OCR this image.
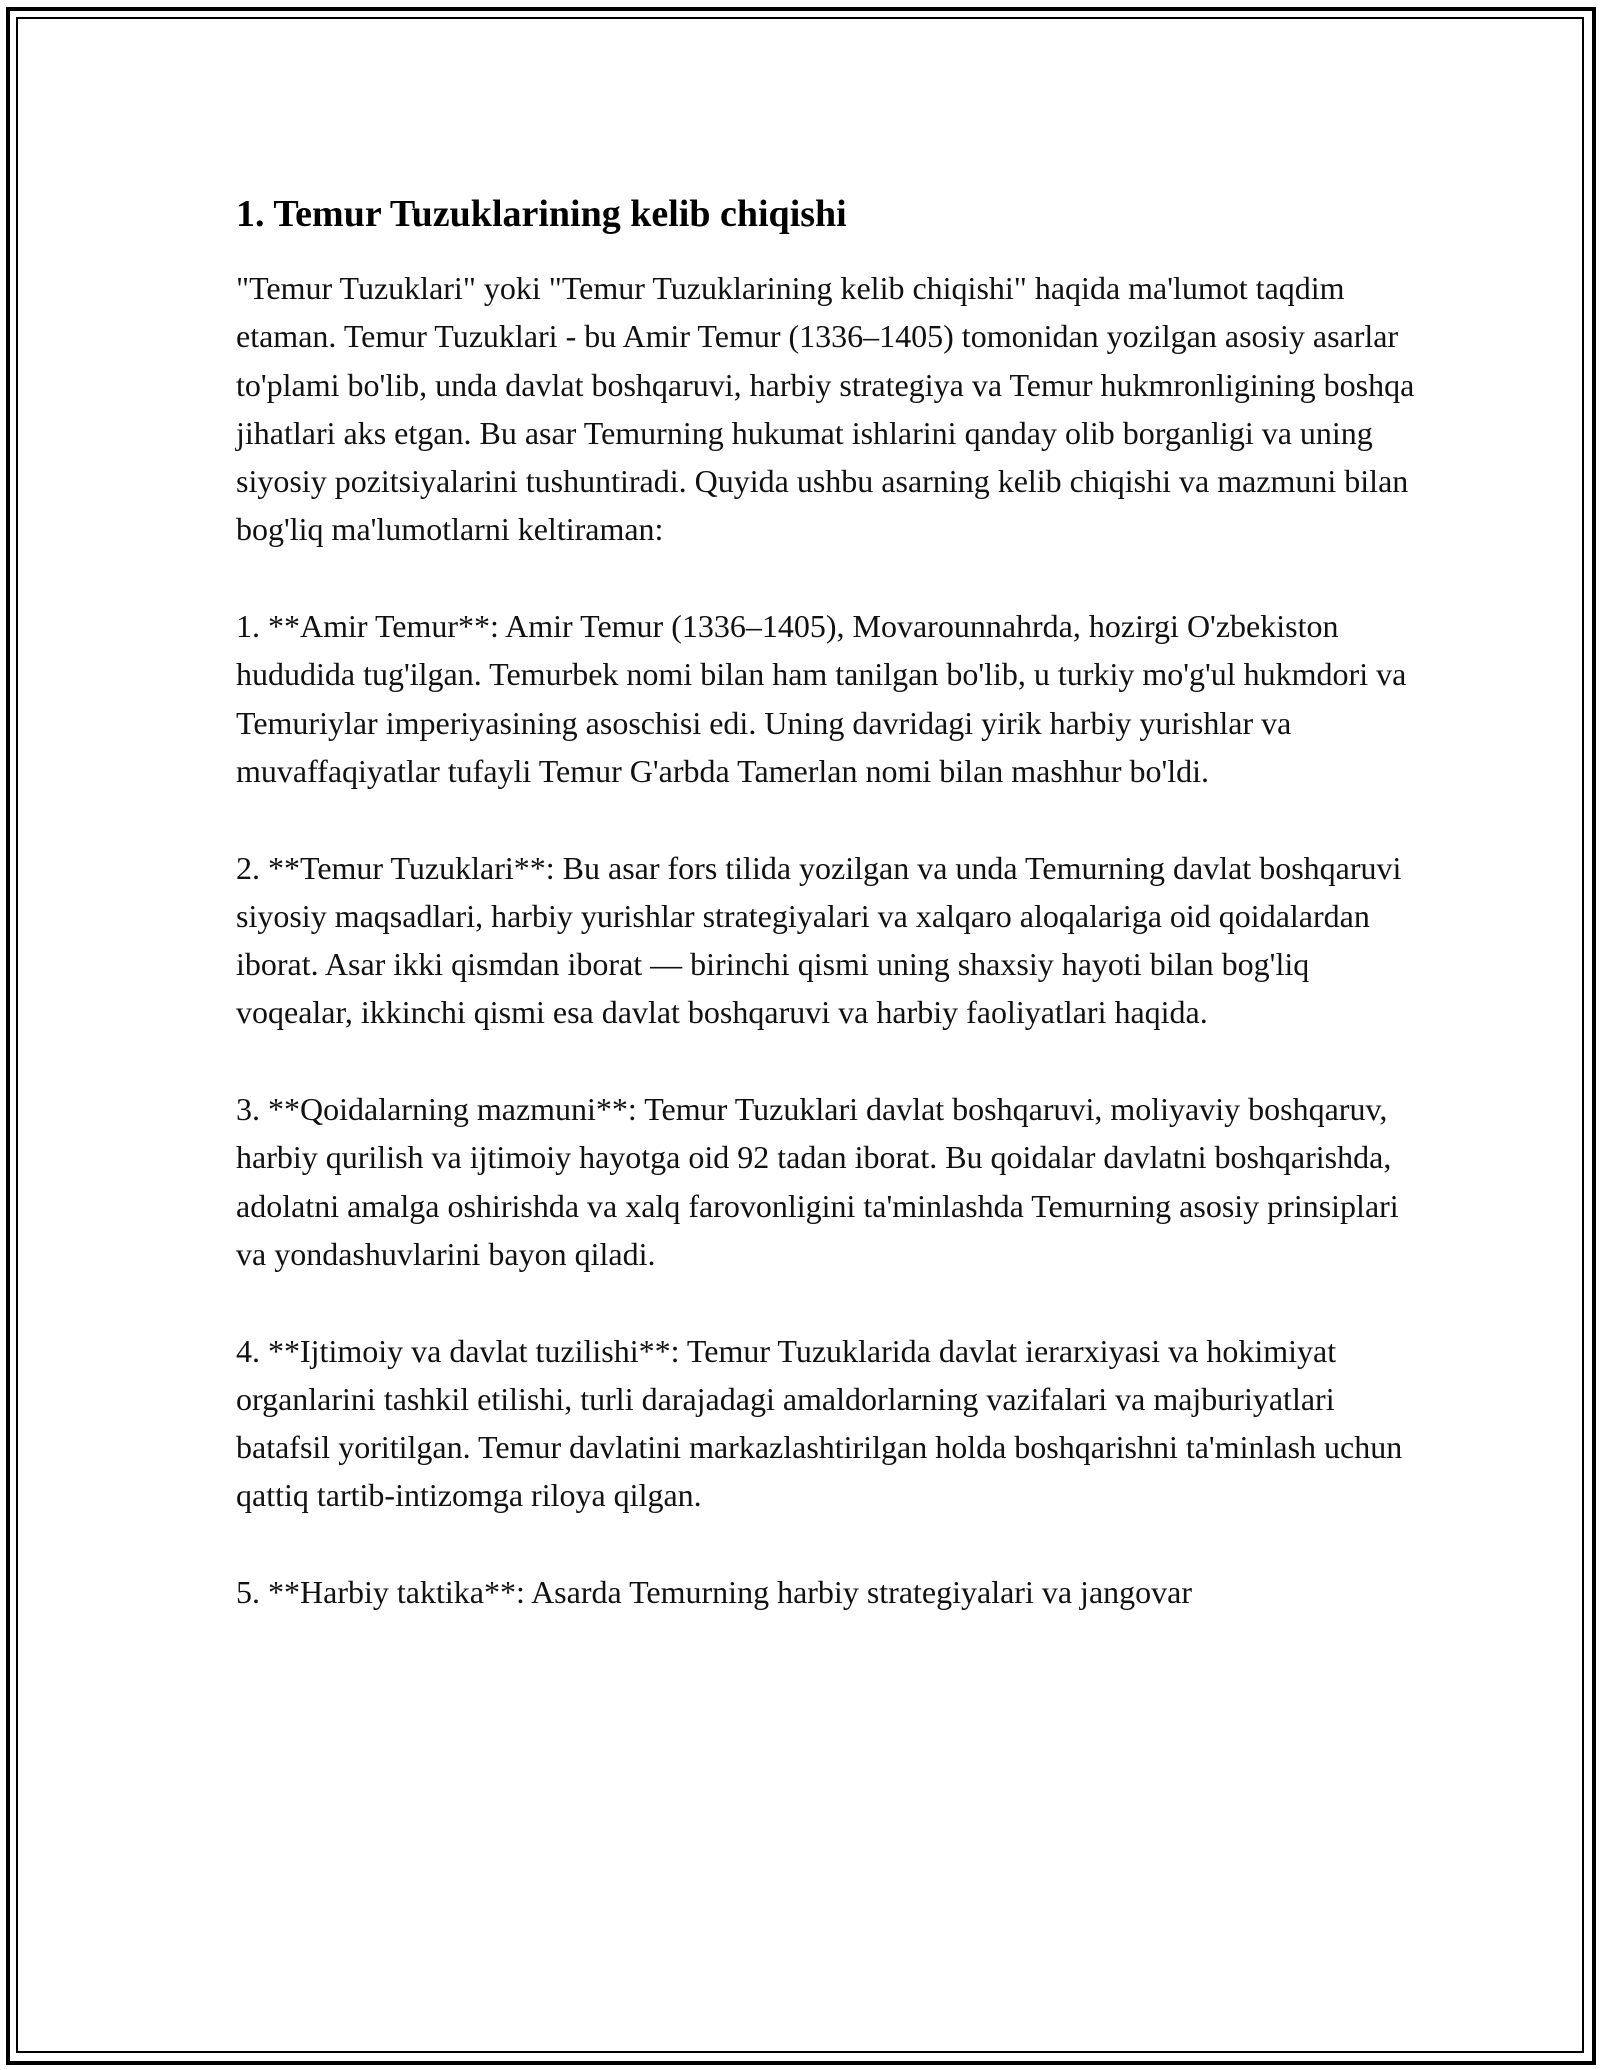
1. Temur Tuzuklarining kelib chiqishi

"Temur Tuzuklari" yoki "Temur Tuzuklarining kelib chiqishi" haqida ma'lumot taqdim etaman. Temur Tuzuklari - bu Amir Temur (1336–1405) tomonidan yozilgan asosiy asarlar to'plami bo'lib, unda davlat boshqaruvi, harbiy strategiya va Temur hukmronligining boshqa jihatlari aks etgan. Bu asar Temurning hukumat ishlarini qanday olib borganligi va uning siyosiy pozitsiyalarini tushuntiradi. Quyida ushbu asarning kelib chiqishi va mazmuni bilan bog'liq ma'lumotlarni keltiraman:

1. **Amir Temur**: Amir Temur (1336–1405), Movarounnahrda, hozirgi O'zbekiston hududida tug'ilgan. Temurbek nomi bilan ham tanilgan bo'lib, u turkiy mo'g'ul hukmdori va Temuriylar imperiyasining asoschisi edi. Uning davridagi yirik harbiy yurishlar va muvaffaqiyatlar tufayli Temur G'arbda Tamerlan nomi bilan mashhur bo'ldi.

2. **Temur Tuzuklari**: Bu asar fors tilida yozilgan va unda Temurning davlat boshqaruvi siyosiy maqsadlari, harbiy yurishlar strategiyalari va xalqaro aloqalariga oid qoidalardan iborat. Asar ikki qismdan iborat — birinchi qismi uning shaxsiy hayoti bilan bog'liq voqealar, ikkinchi qismi esa davlat boshqaruvi va harbiy faoliyatlari haqida.

3. **Qoidalarning mazmuni**: Temur Tuzuklari davlat boshqaruvi, moliyaviy boshqaruv, harbiy qurilish va ijtimoiy hayotga oid 92 tadan iborat. Bu qoidalar davlatni boshqarishda, adolatni amalga oshirishda va xalq farovonligini ta'minlashda Temurning asosiy prinsiplari va yondashuvlarini bayon qiladi.

4. **Ijtimoiy va davlat tuzilishi**: Temur Tuzuklarida davlat ierarxiyasi va hokimiyat organlarini tashkil etilishi, turli darajadagi amaldorlarning vazifalari va majburiyatlari batafsil yoritilgan. Temur davlatini markazlashtirilgan holda boshqarishni ta'minlash uchun qattiq tartib-intizomga riloya qilgan.

5. **Harbiy taktika**: Asarda Temurning harbiy strategiyalari va jangovar
